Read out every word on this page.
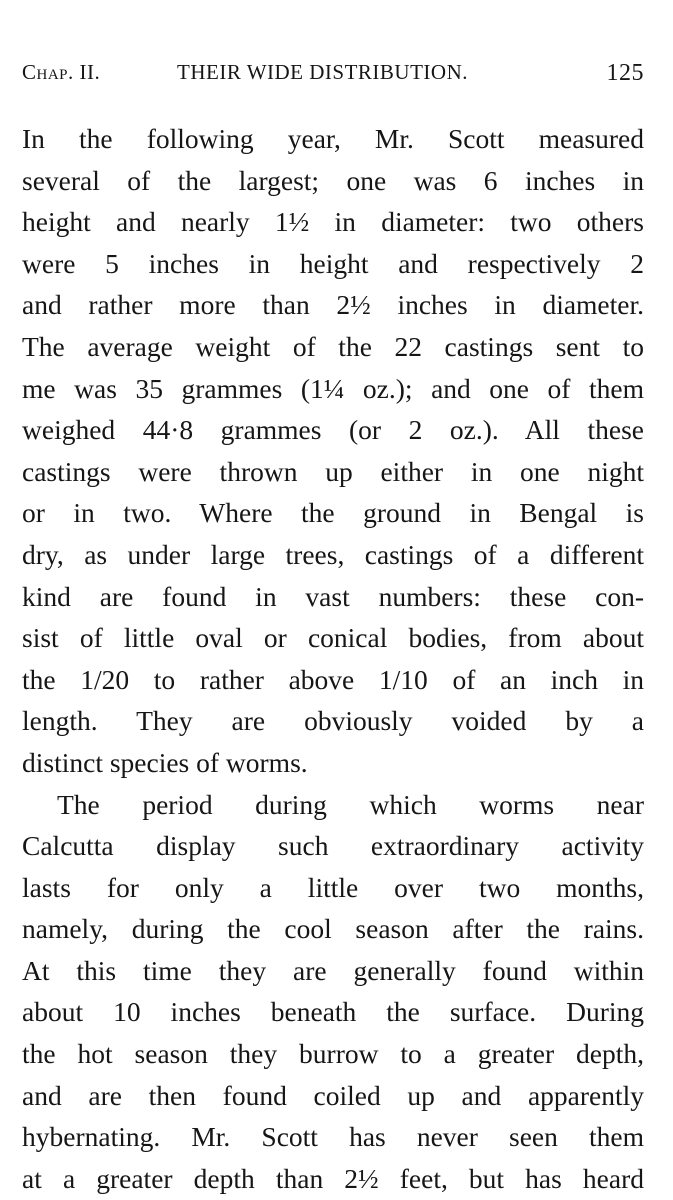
Chap. II.	THEIR WIDE DISTRIBUTION.	125
In the following year, Mr. Scott measured
several of the largest; one was 6 inches in
height and nearly 1½ in diameter: two others
were 5 inches in height and respectively 2
and rather more than 2½ inches in diameter.
The average weight of the 22 castings sent to
me was 35 grammes (1¼ oz.); and one of them
weighed 44·8 grammes (or 2 oz.). All these
castings were thrown up either in one night
or in two. Where the ground in Bengal is
dry, as under large trees, castings of a different
kind are found in vast numbers: these con-
sist of little oval or conical bodies, from about
the 1/20 to rather above 1/10 of an inch in
length. They are obviously voided by a
distinct species of worms.
The period during which worms near
Calcutta display such extraordinary activity
lasts for only a little over two months,
namely, during the cool season after the rains.
At this time they are generally found within
about 10 inches beneath the surface. During
the hot season they burrow to a greater depth,
and are then found coiled up and apparently
hybernating. Mr. Scott has never seen them
at a greater depth than 2½ feet, but has heard
